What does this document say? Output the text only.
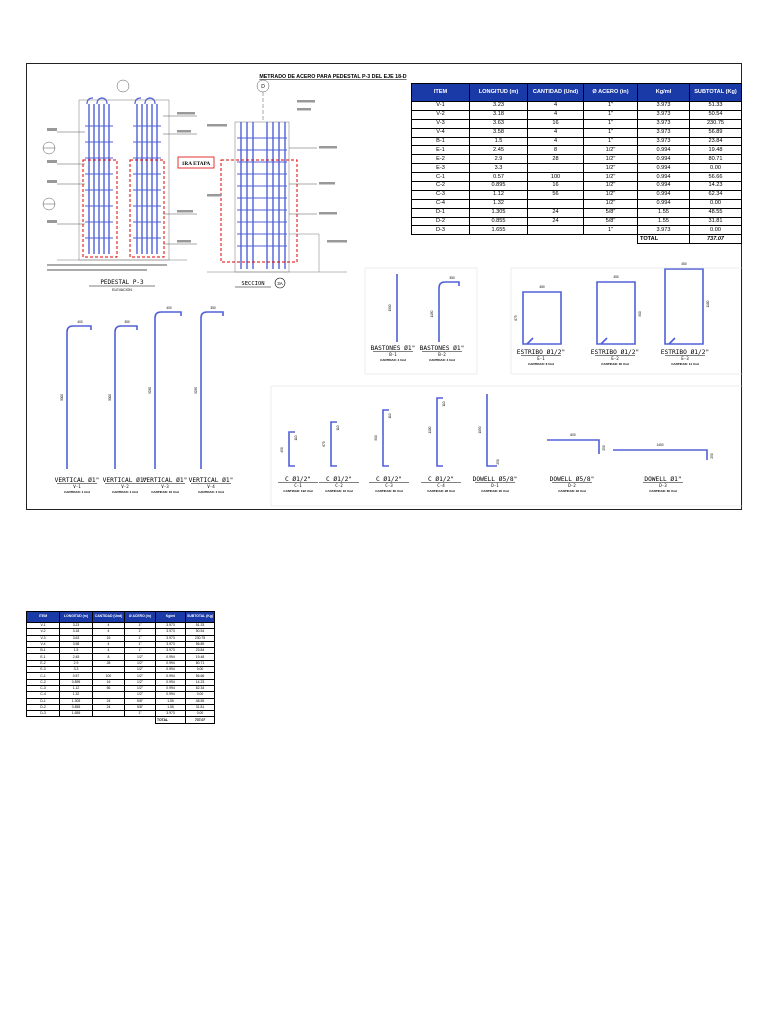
1RA ETAPA
PEDESTAL P-3
ELEVACION
D
SECCION	3A
METRADO DE ACERO PARA PEDESTAL P-3 DEL EJE 18-D
400
3000
VERTICAL Ø1"
V-1
CANTIDAD: 4 Und
350
3000
VERTICAL Ø1"
V-2
CANTIDAD: 4 Und
400
3230
VERTICAL Ø1"
V-3
CANTIDAD: 16 Und
350
3230
VERTICAL Ø1"
V-4
CANTIDAD: 4 Und
1500
BASTONES Ø1"
B-1
CANTIDAD: 4 Und
350
1150
BASTONES Ø1"
B-2
CANTIDAD: 4 Und
450
675
ESTRIBO Ø1/2"
E-1
CANTIDAD: 8 Und
450
900
ESTRIBO Ø1/2"
E-2
CANTIDAD: 30 Und
450
1100
ESTRIBO Ø1/2"
E-3
CANTIDAD: 14 Und
450
110
C Ø1/2"
C-1
CANTIDAD: 192 Und
675
110
C Ø1/2"
C-2
CANTIDAD: 16 Und
900
110
C Ø1/2"
C-3
CANTIDAD: 60 Und
1100
110
C Ø1/2"
C-4
CANTIDAD: 28 Und
1050
250
DOWELL Ø5/8"
D-1
CANTIDAD: 20 Und
600
250
DOWELL Ø5/8"
D-2
CANTIDAD: 32 Und
1400
250
DOWELL Ø1"
D-3
CANTIDAD: 60 Und
ITEM	LONGITUD (m)	CANTIDAD (Und)	Ø ACERO (in)	Kg/ml	SUBTOTAL (Kg)
V-1	3.23	4	1"	3.973	51.33
V-2	3.18	4	1"	3.973	50.54
V-3	3.63	16	1"	3.973	230.75
V-4	3.58	4	1"	3.973	56.89
B-1	1.5	4	1"	3.973	23.84
E-1	2.45	8	1/2"	0.994	19.48
E-2	2.9	28	1/2"	0.994	80.71
E-3	3.3		1/2"	0.994	0.00
C-1	0.57	100	1/2"	0.994	56.66
C-2	0.895	16	1/2"	0.994	14.23
C-3	1.12	56	1/2"	0.994	62.34
C-4	1.32		1/2"	0.994	0.00
D-1	1.305	24	5/8"	1.55	48.55
D-2	0.855	24	5/8"	1.55	31.81
D-3	1.655		1"	3.973	0.00
				TOTAL	737.07
ITEM	LONGITUD (m)	CANTIDAD (Und)	Ø ACERO (in)	Kg/ml	SUBTOTAL (Kg)
V-1	3.23	4	1"	3.973	51.33
V-2	3.18	4	1"	3.973	50.54
V-3	3.63	16	1"	3.973	230.75
V-4	3.58	4	1"	3.973	56.89
B-1	1.5	4	1"	3.973	23.84
E-1	2.45	8	1/2"	0.994	19.48
E-2	2.9	28	1/2"	0.994	80.71
E-3	3.3		1/2"	0.994	0.00
C-1	0.57	100	1/2"	0.994	56.66
C-2	0.895	16	1/2"	0.994	14.23
C-3	1.12	56	1/2"	0.994	62.34
C-4	1.32		1/2"	0.994	0.00
D-1	1.305	24	5/8"	1.55	48.55
D-2	0.855	24	5/8"	1.55	31.81
D-3	1.655		1"	3.973	0.00
				TOTAL	737.07
